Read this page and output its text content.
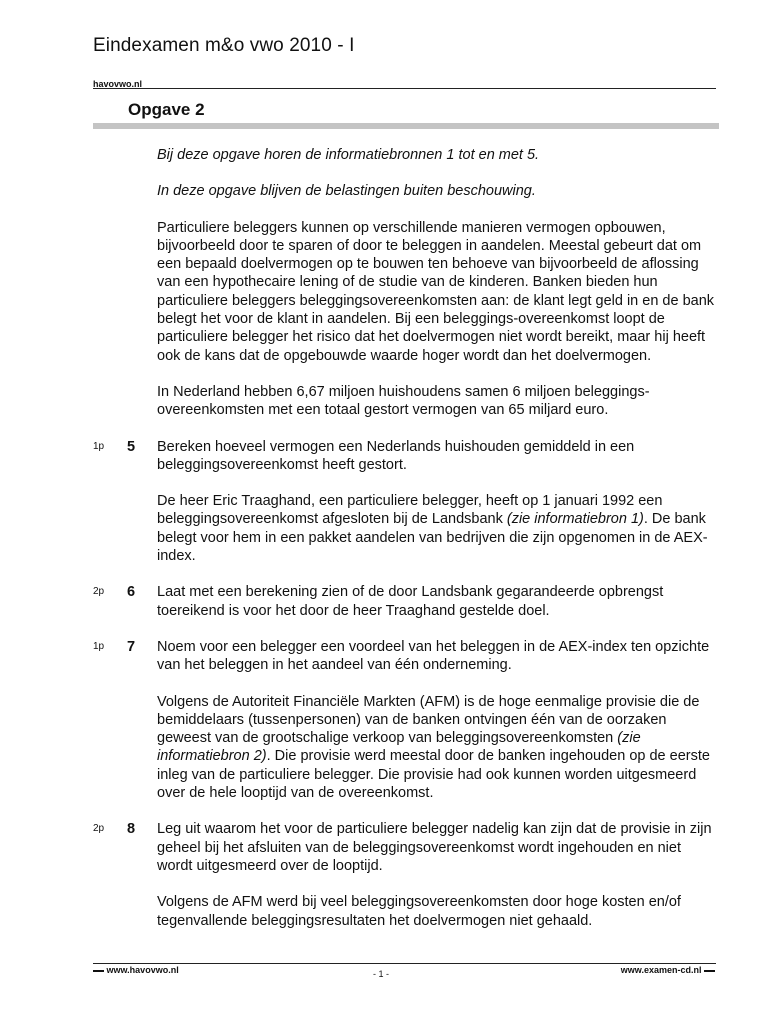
Eindexamen m&o vwo 2010 - I
havovwo.nl
Opgave 2
Bij deze opgave horen de informatiebronnen 1 tot en met 5.
In deze opgave blijven de belastingen buiten beschouwing.
Particuliere beleggers kunnen op verschillende manieren vermogen opbouwen, bijvoorbeeld door te sparen of door te beleggen in aandelen. Meestal gebeurt dat om een bepaald doelvermogen op te bouwen ten behoeve van bijvoorbeeld de aflossing van een hypothecaire lening of de studie van de kinderen. Banken bieden hun particuliere beleggers beleggingsovereenkomsten aan: de klant legt geld in en de bank belegt het voor de klant in aandelen. Bij een beleggings-overeenkomst loopt de particuliere belegger het risico dat het doelvermogen niet wordt bereikt, maar hij heeft ook de kans dat de opgebouwde waarde hoger wordt dan het doelvermogen.
In Nederland hebben 6,67 miljoen huishoudens samen 6 miljoen beleggings-overeenkomsten met een totaal gestort vermogen van 65 miljard euro.
1p 5 Bereken hoeveel vermogen een Nederlands huishouden gemiddeld in een beleggingsovereenkomst heeft gestort.
De heer Eric Traaghand, een particuliere belegger, heeft op 1 januari 1992 een beleggingsovereenkomst afgesloten bij de Landsbank (zie informatiebron 1). De bank belegt voor hem in een pakket aandelen van bedrijven die zijn opgenomen in de AEX-index.
2p 6 Laat met een berekening zien of de door Landsbank gegarandeerde opbrengst toereikend is voor het door de heer Traaghand gestelde doel.
1p 7 Noem voor een belegger een voordeel van het beleggen in de AEX-index ten opzichte van het beleggen in het aandeel van één onderneming.
Volgens de Autoriteit Financiële Markten (AFM) is de hoge eenmalige provisie die de bemiddelaars (tussenpersonen) van de banken ontvingen één van de oorzaken geweest van de grootschalige verkoop van beleggingsovereenkomsten (zie informatiebron 2). Die provisie werd meestal door de banken ingehouden op de eerste inleg van de particuliere belegger. Die provisie had ook kunnen worden uitgesmeerd over de hele looptijd van de overeenkomst.
2p 8 Leg uit waarom het voor de particuliere belegger nadelig kan zijn dat de provisie in zijn geheel bij het afsluiten van de beleggingsovereenkomst wordt ingehouden en niet wordt uitgesmeerd over de looptijd.
Volgens de AFM werd bij veel beleggingsovereenkomsten door hoge kosten en/of tegenvallende beleggingsresultaten het doelvermogen niet gehaald.
www.havovwo.nl	- 1 -	www.examen-cd.nl
